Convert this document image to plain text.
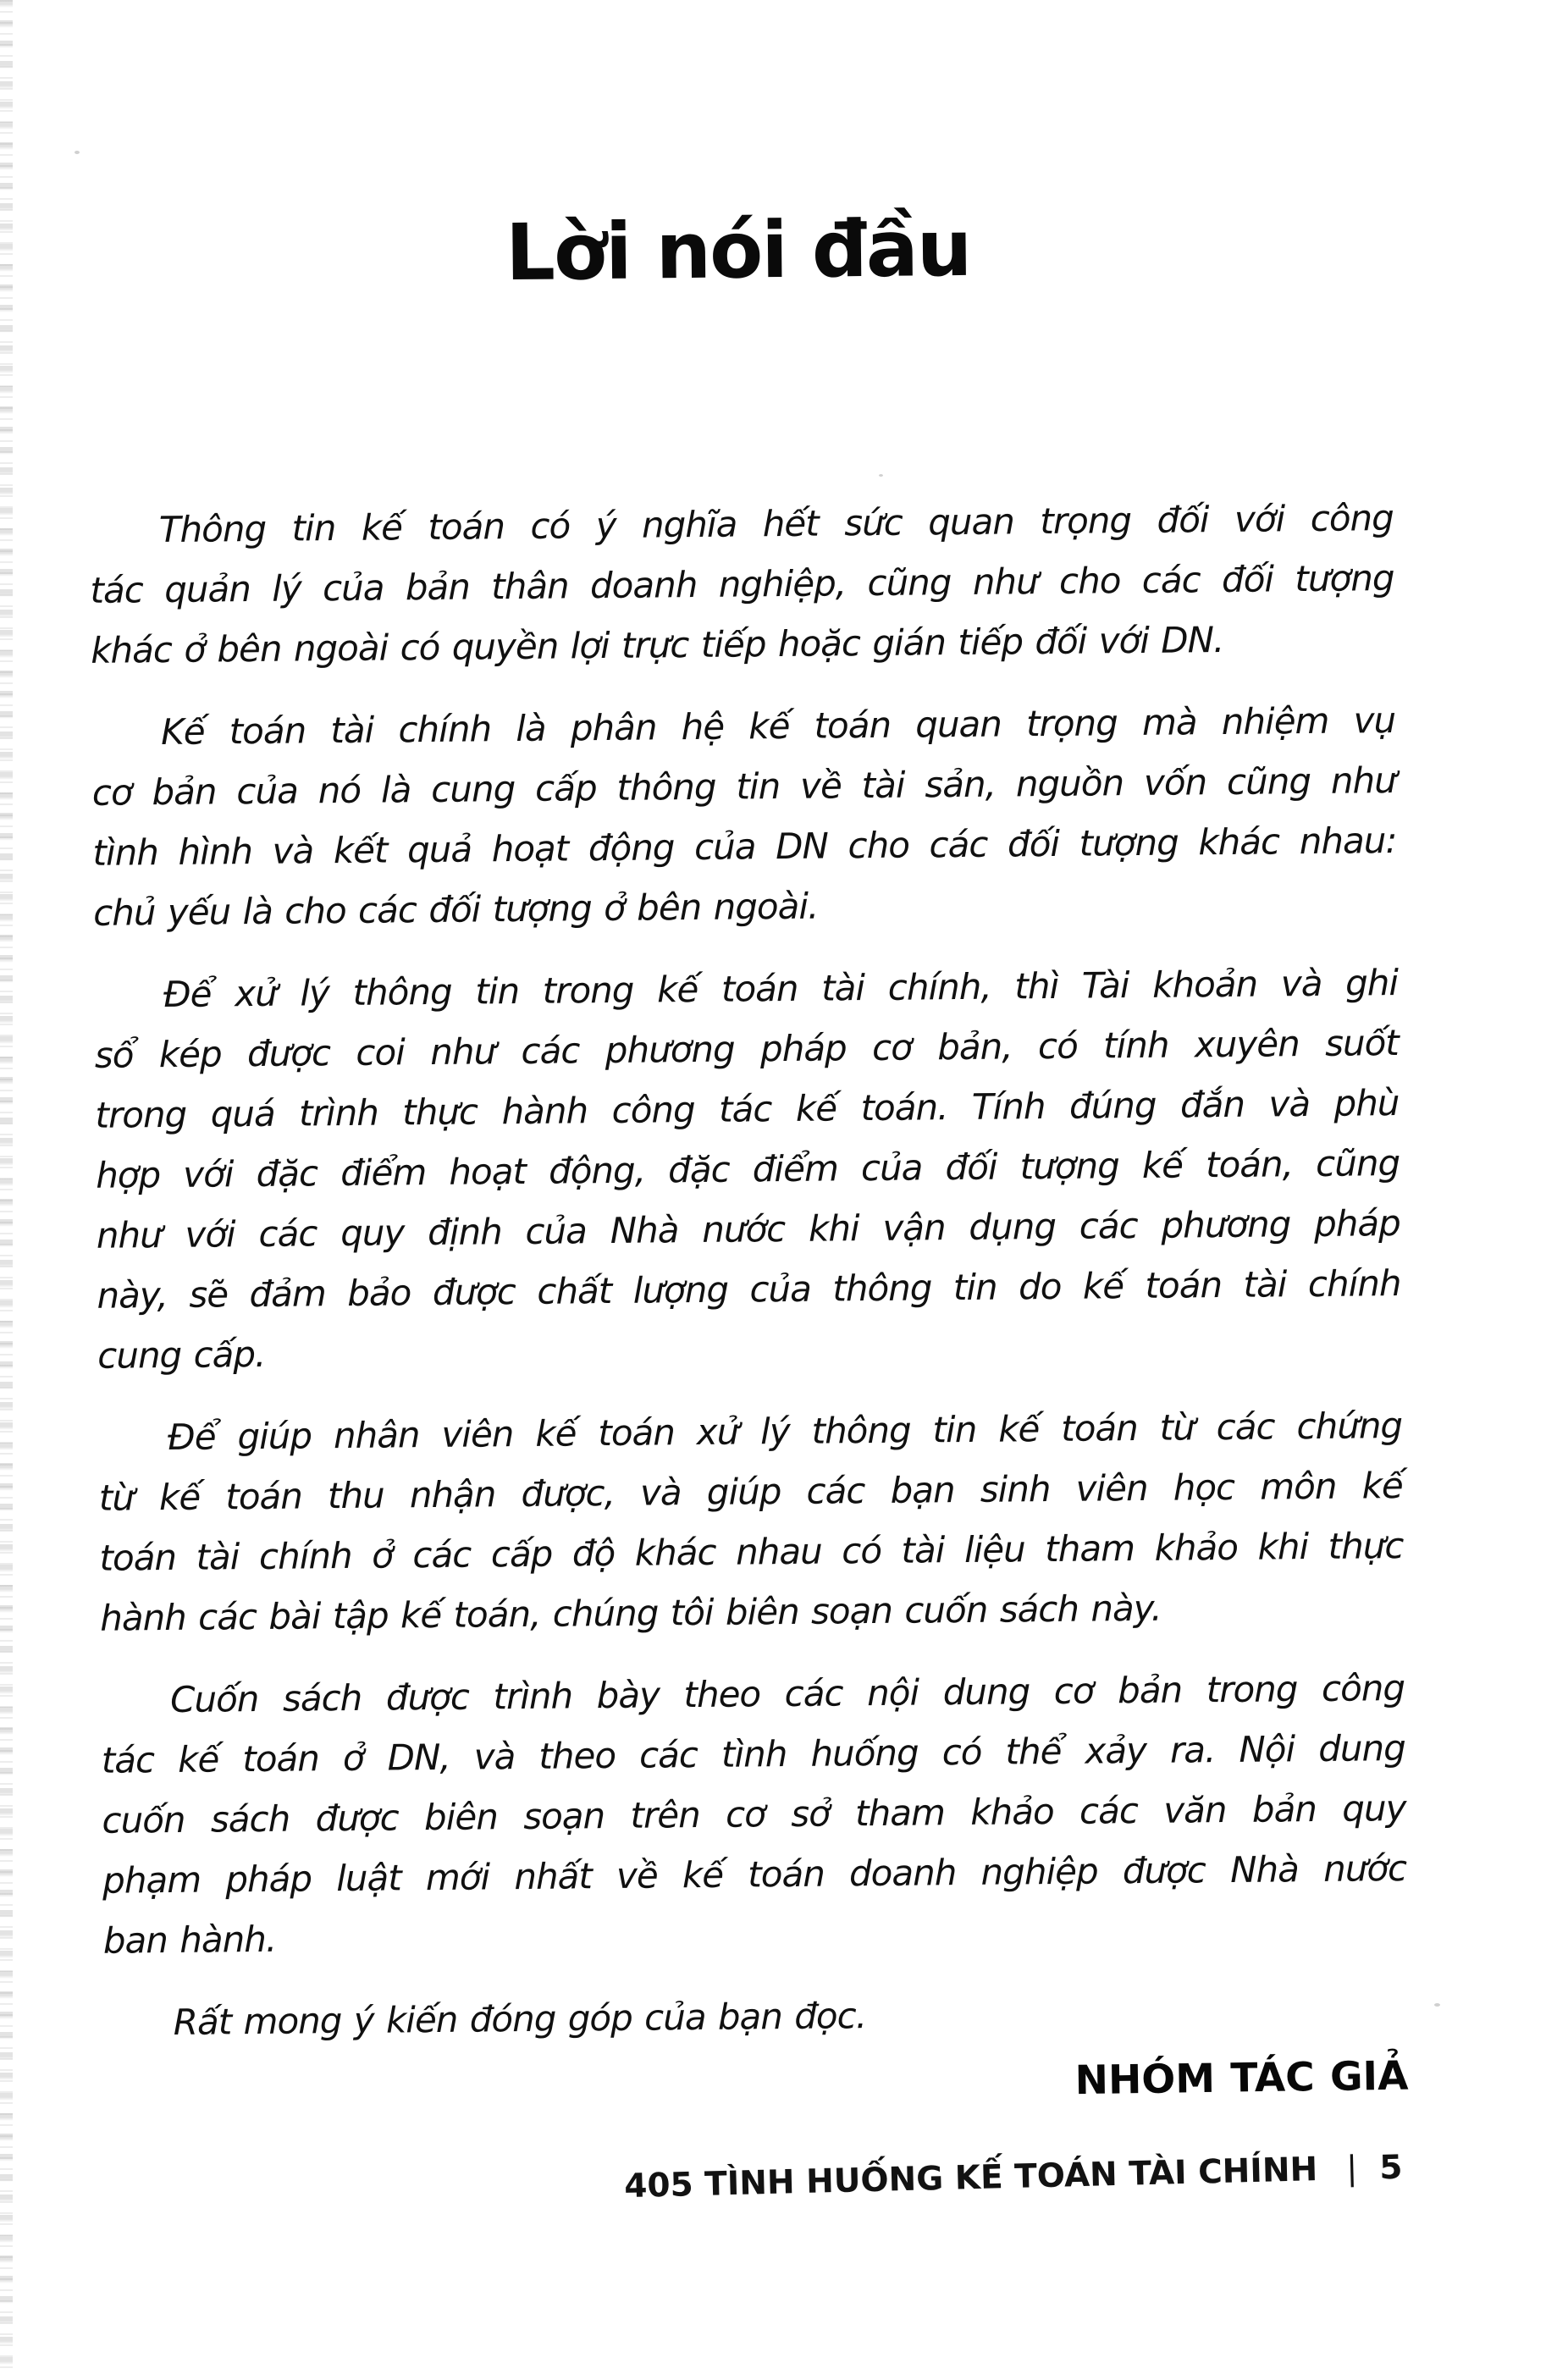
Lời nói đầu
Thông tin kế toán có ý nghĩa hết sức quan trọng đối với công
tác quản lý của bản thân doanh nghiệp, cũng như cho các đối tượng
khác ở bên ngoài có quyền lợi trực tiếp hoặc gián tiếp đối với DN.
Kế toán tài chính là phân hệ kế toán quan trọng mà nhiệm vụ
cơ bản của nó là cung cấp thông tin về tài sản, nguồn vốn cũng như
tình hình và kết quả hoạt động của DN cho các đối tượng khác nhau:
chủ yếu là cho các đối tượng ở bên ngoài.
Để xử lý thông tin trong kế toán tài chính, thì Tài khoản và ghi
sổ kép được coi như các phương pháp cơ bản, có tính xuyên suốt
trong quá trình thực hành công tác kế toán. Tính đúng đắn và phù
hợp với đặc điểm hoạt động, đặc điểm của đối tượng kế toán, cũng
như với các quy định của Nhà nước khi vận dụng các phương pháp
này, sẽ đảm bảo được chất lượng của thông tin do kế toán tài chính
cung cấp.
Để giúp nhân viên kế toán xử lý thông tin kế toán từ các chứng
từ kế toán thu nhận được, và giúp các bạn sinh viên học môn kế
toán tài chính ở các cấp độ khác nhau có tài liệu tham khảo khi thực
hành các bài tập kế toán, chúng tôi biên soạn cuốn sách này.
Cuốn sách được trình bày theo các nội dung cơ bản trong công
tác kế toán ở DN, và theo các tình huống có thể xảy ra. Nội dung
cuốn sách được biên soạn trên cơ sở tham khảo các văn bản quy
phạm pháp luật mới nhất về kế toán doanh nghiệp được Nhà nước
ban hành.
Rất mong ý kiến đóng góp của bạn đọc.
NHÓM TÁC GIẢ
405 TÌNH HUỐNG KẾ TOÁN TÀI CHÍNH | 5
